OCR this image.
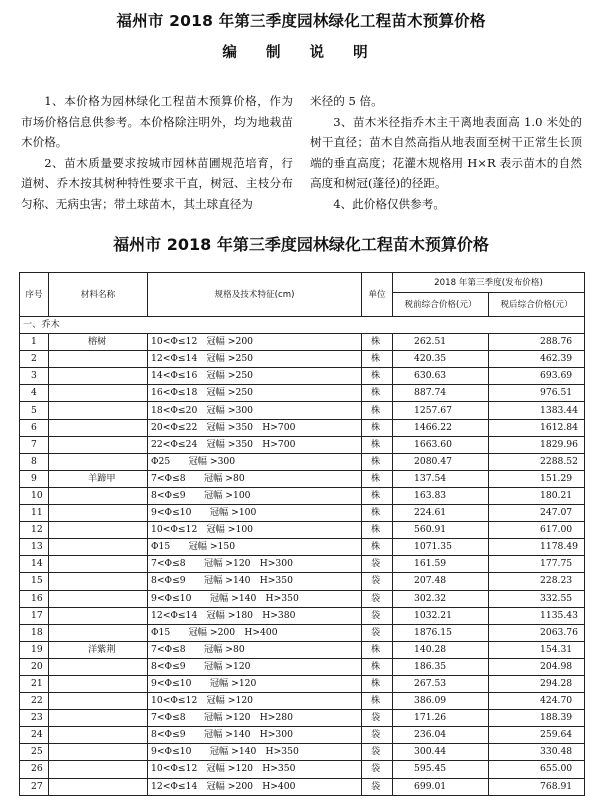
福州市 2018 年第三季度园林绿化工程苗木预算价格
编 制 说 明

1、本价格为园林绿化工程苗木预算价格，作为市场价格信息供参考。本价格除注明外，均为地栽苗木价格。

2、苗木质量要求按城市园林苗圃规范培育，行道树、乔木按其树种特性要求干直，树冠、主枝分布匀称、无病虫害；带土球苗木，其土球直径为

米径的 5 倍。

3、苗木米径指乔木主干离地表面高 1.0 米处的树干直径；苗木自然高指从地表面至树干正常生长顶端的垂直高度；花灌木规格用 H×R 表示苗木的自然高度和树冠(蓬径)的径距。

4、此价格仅供参考。

福州市 2018 年第三季度园林绿化工程苗木预算价格
序号	材料名称	规格及技术特征(cm)	单位	2018 年第三季度(发布价格)	
				税前综合价格(元）	税后综合价格(元）
一、乔木					
1	榕树	10<Φ≤12　冠幅 >200	株	262.51	288.76
2		12<Φ≤14　冠幅 >250	株	420.35	462.39
3		14<Φ≤16　冠幅 >250	株	630.63	693.69
4		16<Φ≤18　冠幅 >250	株	887.74	976.51
5		18<Φ≤20　冠幅 >300	株	1257.67	1383.44
6		20<Φ≤22　冠幅 >350　H>700	株	1466.22	1612.84
7		22<Φ≤24　冠幅 >350　H>700	株	1663.60	1829.96
8		Φ25　　冠幅 >300	株	2080.47	2288.52
9	羊蹄甲	7<Φ≤8　　冠幅 >80	株	137.54	151.29
10		8<Φ≤9　　冠幅 >100	株	163.83	180.21
11		9<Φ≤10　　冠幅 >100	株	224.61	247.07
12		10<Φ≤12　冠幅 >100	株	560.91	617.00
13		Φ15　　冠幅 >150	株	1071.35	1178.49
14		7<Φ≤8　　冠幅 >120　H>300	袋	161.59	177.75
15		8<Φ≤9　　冠幅 >140　H>350	袋	207.48	228.23
16		9<Φ≤10　　冠幅 >140　H>350	袋	302.32	332.55
17		12<Φ≤14　冠幅 >180　H>380	袋	1032.21	1135.43
18		Φ15　　冠幅 >200　H>400	袋	1876.15	2063.76
19	洋紫荆	7<Φ≤8　　冠幅 >80	株	140.28	154.31
20		8<Φ≤9　　冠幅 >120	株	186.35	204.98
21		9<Φ≤10　　冠幅 >120	株	267.53	294.28
22		10<Φ≤12　冠幅 >120	株	386.09	424.70
23		7<Φ≤8　　冠幅 >120　H>280	袋	171.26	188.39
24		8<Φ≤9　　冠幅 >140　H>300	袋	236.04	259.64
25		9<Φ≤10　　冠幅 >140　H>350	袋	300.44	330.48
26		10<Φ≤12　冠幅 >120　H>350	袋	595.45	655.00
27		12<Φ≤14　冠幅 >200　H>400	袋	699.01	768.91
